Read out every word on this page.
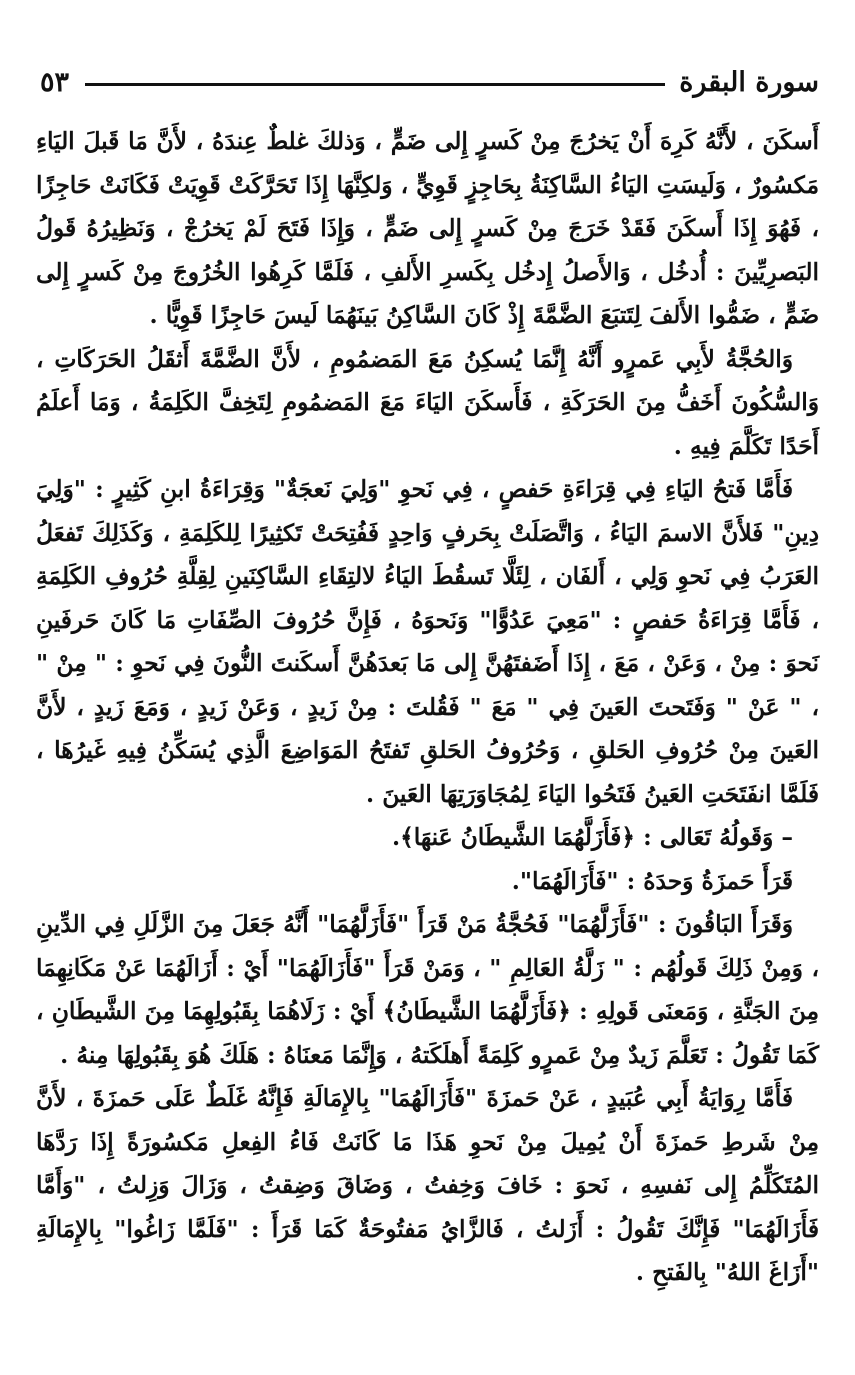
سورة البقرة
٥٣

أَسكَنَ ، لأَنَّهُ كَرِهَ أَنْ يَخرُجَ مِنْ كَسرٍ إِلى ضَمٍّ ، وَذلكَ غلطٌ عِندَهُ ، لأَنَّ مَا قَبلَ اليَاءِ مَكسُورٌ ، وَلَيسَتِ اليَاءُ السَّاكِنَةُ بِحَاجِزٍ قَوِيٍّ ، وَلكِنَّهَا إِذَا تَحَرَّكَتْ قَوِيَتْ فَكَانَتْ حَاجِزًا ، فَهُوَ إِذَا أَسكَنَ فَقَدْ خَرَجَ مِنْ كَسرٍ إِلى ضَمٍّ ، وَإِذَا فَتَحَ لَمْ يَخرُجْ ، وَنَظِيرُهُ قَولُ البَصرِيِّينَ : أُدخُل ، وَالأَصلُ إِدخُل بِكَسرِ الأَلفِ ، فَلَمَّا كَرِهُوا الخُرُوجَ مِنْ كَسرٍ إِلى ضَمٍّ ، ضَمُّوا الأَلفَ لِتَتبَعَ الضَّمَّةَ إِذْ كَانَ السَّاكِنُ بَينَهُمَا لَيسَ حَاجِزًا قَوِيًّا .

وَالحُجَّةُ لأَبِي عَمرٍو أَنَّهُ إِنَّمَا يُسكِنُ مَعَ المَضمُومِ ، لأَنَّ الضَّمَّةَ أَثقَلُ الحَرَكَاتِ ، وَالسُّكُونَ أَخَفُّ مِنَ الحَرَكَةِ ، فَأَسكَنَ اليَاءَ مَعَ المَضمُومِ لِتَخِفَّ الكَلِمَةُ ، وَمَا أَعلَمُ أَحَدًا تَكَلَّمَ فِيهِ .

فَأَمَّا فَتحُ اليَاءِ فِي قِرَاءَةِ حَفصٍ ، فِي نَحوِ "وَلِيَ نَعجَةٌ" وَقِرَاءَةُ ابنِ كَثِيرٍ : "وَلِيَ دِينِ" فَلأَنَّ الاسمَ اليَاءُ ، وَاتَّصَلَتْ بِحَرفٍ وَاحِدٍ فَفُتِحَتْ تَكثِيرًا لِلكَلِمَةِ ، وَكَذَلِكَ تَفعَلُ العَرَبُ فِي نَحوِ وَلِي ، أَلفَان ، لِئَلَّا تَسقُطَ اليَاءُ لالتِقَاءِ السَّاكِنَينِ لِقِلَّةِ حُرُوفِ الكَلِمَةِ ، فَأَمَّا قِرَاءَةُ حَفصٍ : "مَعِيَ عَدُوًّا" وَنَحوَهُ ، فَإِنَّ حُرُوفَ الصِّفَاتِ مَا كَانَ حَرفَينِ نَحوَ : مِنْ ، وَعَنْ ، مَعَ ، إِذَا أَضَفتَهُنَّ إِلى مَا بَعدَهُنَّ أَسكَنتَ النُّونَ فِي نَحوِ : " مِنْ " ، " عَنْ " وَفَتَحتَ العَينَ فِي " مَعَ " فَقُلتَ : مِنْ زَيدٍ ، وَعَنْ زَيدٍ ، وَمَعَ زَيدٍ ، لأَنَّ العَينَ مِنْ حُرُوفِ الحَلقِ ، وَحُرُوفُ الحَلقِ تَفتَحُ المَوَاضِعَ الَّذِي يُسَكِّنُ فِيهِ غَيرُهَا ، فَلَمَّا انفَتَحَتِ العَينُ فَتَحُوا اليَاءَ لِمُجَاوَرَتِهَا العَينَ .

– وَقَولُهُ تَعَالى : ﴿فَأَزَلَّهُمَا الشَّيطَانُ عَنهَا﴾.

قَرَأَ حَمزَةُ وَحدَهُ : "فَأَزَالَهُمَا".

وَقَرَأَ البَاقُونَ : "فَأَزَلَّهُمَا" فَحُجَّةُ مَنْ قَرَأَ "فَأَزَلَّهُمَا" أَنَّهُ جَعَلَ مِنَ الزَّلَلِ فِي الدِّينِ ، وَمِنْ ذَلِكَ قَولُهُم : " زَلَّةُ العَالِمِ " ، وَمَنْ قَرَأَ "فَأَزَالَهُمَا" أَيْ : أَزَالَهُمَا عَنْ مَكَانِهِمَا مِنَ الجَنَّةِ ، وَمَعنَى قَولِهِ : ﴿فَأَزَلَّهُمَا الشَّيطَانُ﴾ أَيْ : زَلَاهُمَا بِقَبُولِهِمَا مِنَ الشَّيطَانِ ، كَمَا تَقُولُ : تَعَلَّمَ زَيدٌ مِنْ عَمرٍو كَلِمَةً أَهلَكَتهُ ، وَإِنَّمَا مَعنَاهُ : هَلَكَ هُوَ بِقَبُولِهَا مِنهُ .

فَأَمَّا رِوَايَةُ أَبِي عُبَيدٍ ، عَنْ حَمزَةَ "فَأَزَالَهُمَا" بِالإِمَالَةِ فَإِنَّهُ غَلَطٌ عَلَى حَمزَةَ ، لأَنَّ مِنْ شَرطِ حَمزَةَ أَنْ يُمِيلَ مِنْ نَحوِ هَذَا مَا كَانَتْ فَاءُ الفِعلِ مَكسُورَةً إِذَا رَدَّهَا المُتَكَلِّمُ إِلى نَفسِهِ ، نَحوَ : خَافَ وَخِفتُ ، وَضَاقَ وَضِقتُ ، وَزَالَ وَزِلتُ ، "وَأَمَّا فَأَزَالَهُمَا" فَإِنَّكَ تَقُولُ : أَزَلتُ ، فَالزَّايُ مَفتُوحَةٌ كَمَا قَرَأَ : "فَلَمَّا زَاغُوا" بِالإِمَالَةِ "أَزَاغَ اللهُ" بِالفَتحِ .
